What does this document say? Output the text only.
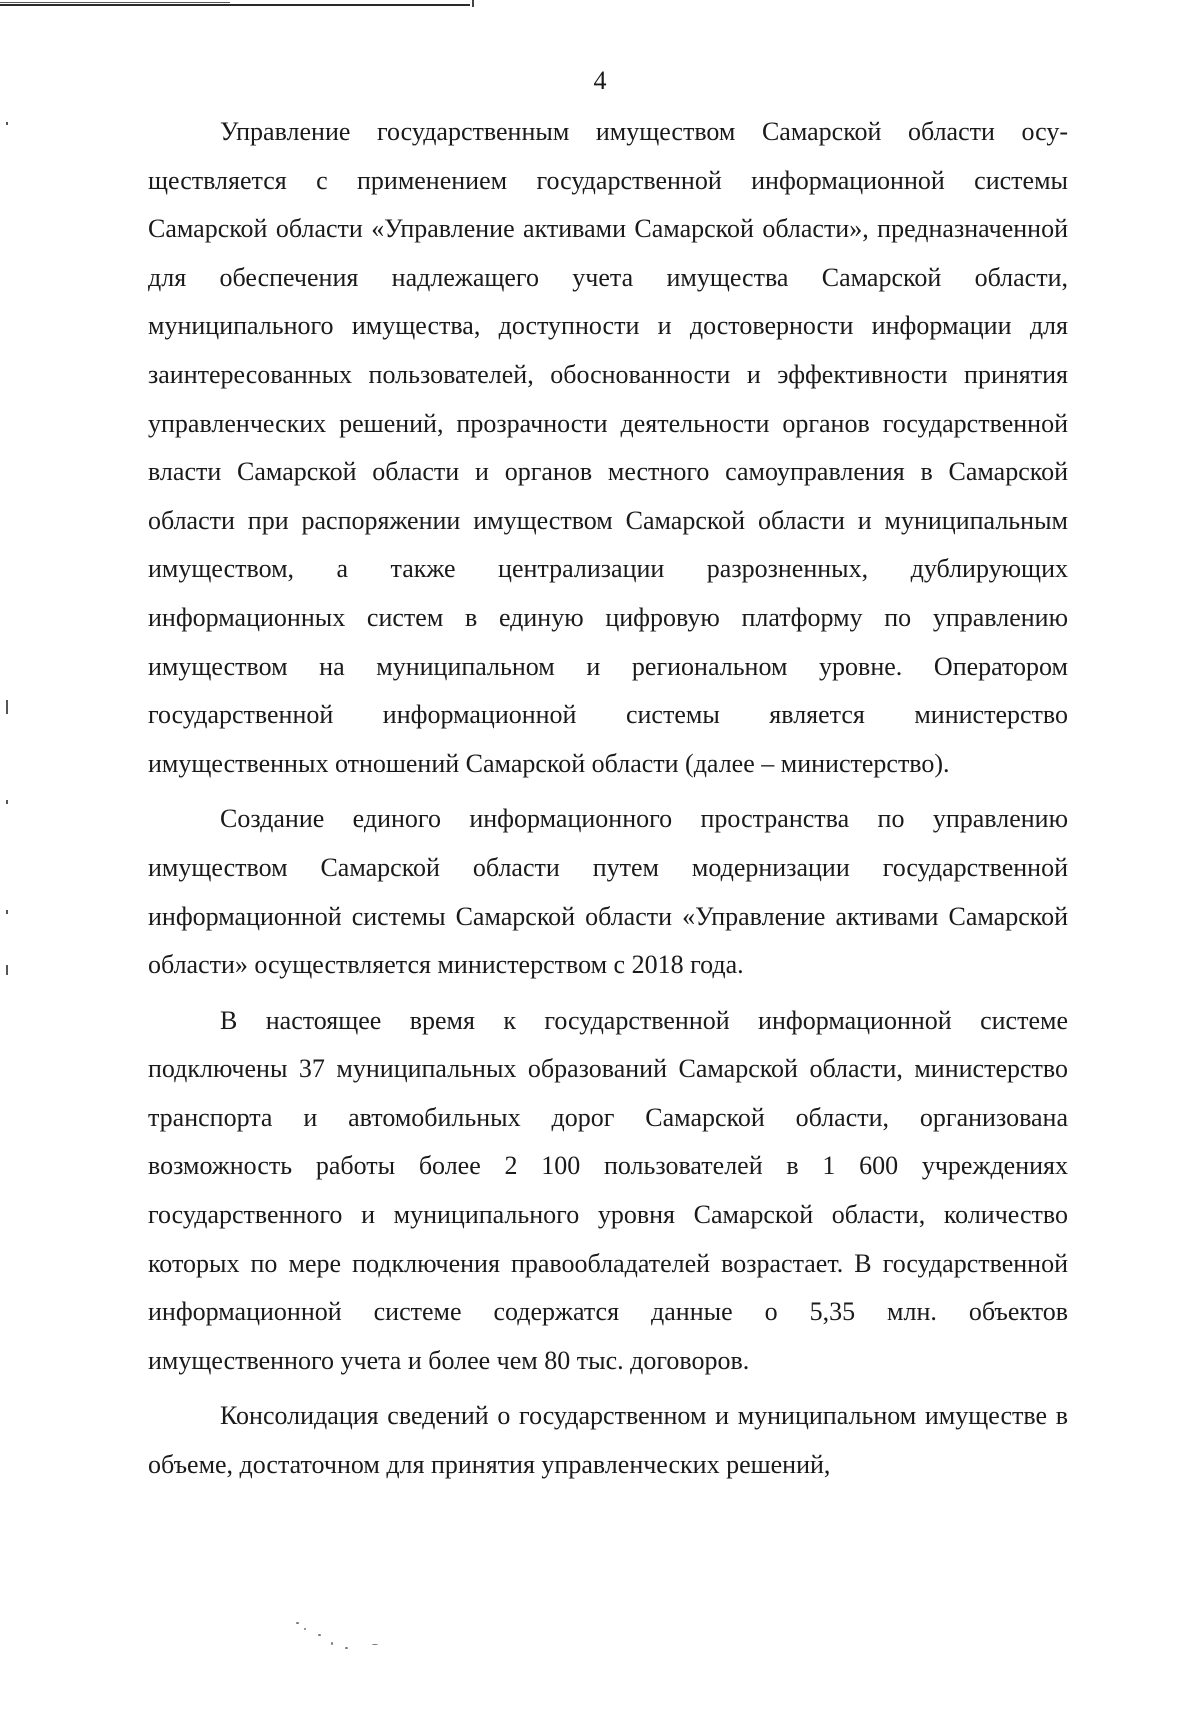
4

Управление государственным имуществом Самарской области осуществляется с применением государственной информационной системы Самарской области «Управление активами Самарской области», предназначенной для обеспечения надлежащего учета имущества Самарской области, муниципального имущества, доступности и достоверности информации для заинтересованных пользователей, обоснованности и эффективности принятия управленческих решений, прозрачности деятельности органов государственной власти Самарской области и органов местного самоуправления в Самарской области при распоряжении имуществом Самарской области и муниципальным имуществом, а также централизации разрозненных, дублирующих информационных систем в единую цифровую платформу по управлению имуществом на муниципальном и региональном уровне. Оператором государственной информационной системы является министерство имущественных отношений Самарской области (далее – министерство).

Создание единого информационного пространства по управлению имуществом Самарской области путем модернизации государственной информационной системы Самарской области «Управление активами Самарской области» осуществляется министерством с 2018 года.

В настоящее время к государственной информационной системе подключены 37 муниципальных образований Самарской области, министерство транспорта и автомобильных дорог Самарской области, организована возможность работы более 2 100 пользователей в 1 600 учреждениях государственного и муниципального уровня Самарской области, количество которых по мере подключения правообладателей возрастает. В государственной информационной системе содержатся данные о 5,35 млн. объектов имущественного учета и более чем 80 тыс. договоров.

Консолидация сведений о государственном и муниципальном имуществе в объеме, достаточном для принятия управленческих решений,
